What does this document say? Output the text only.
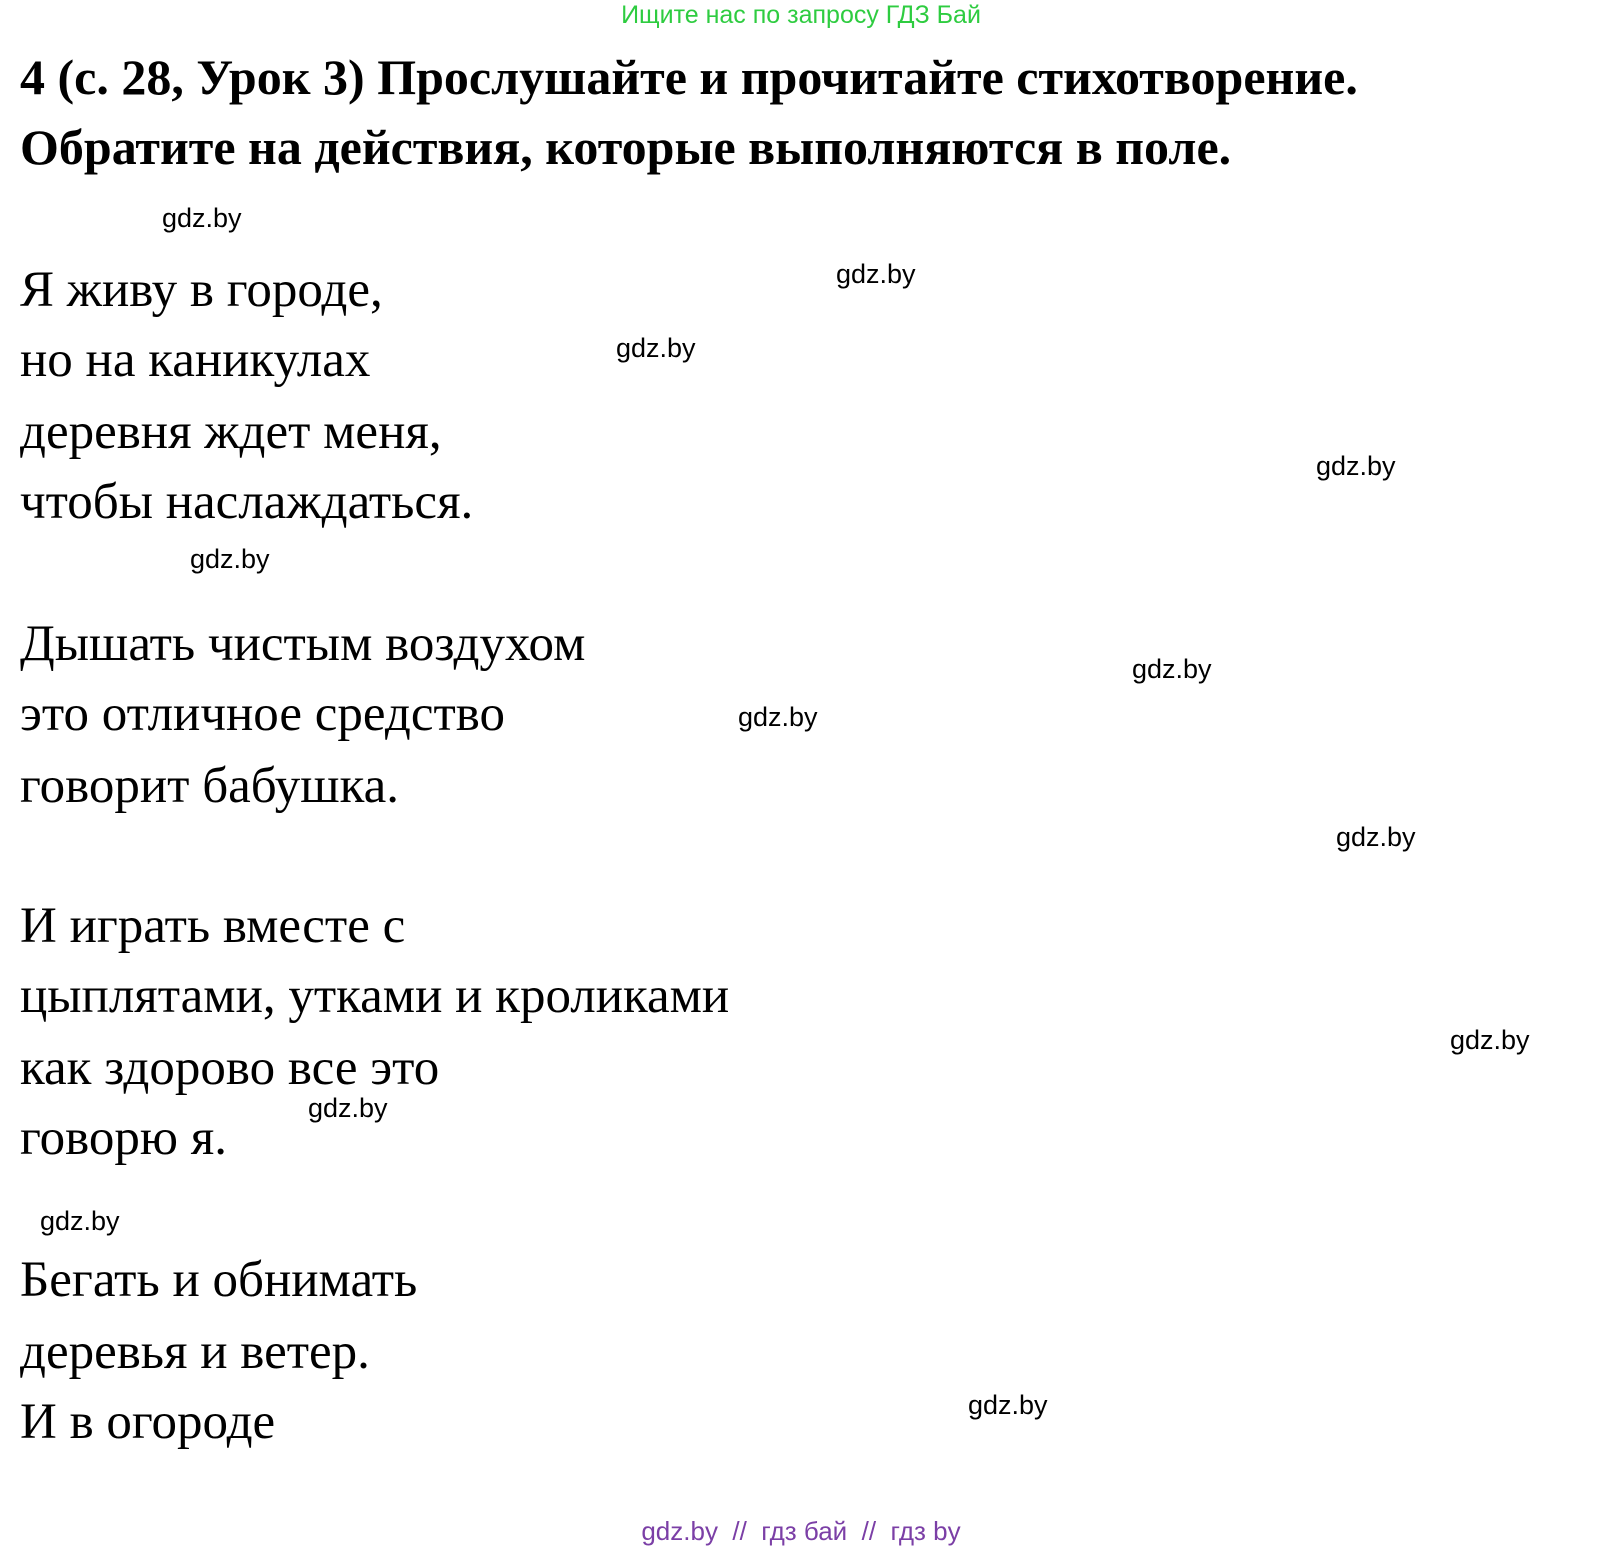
Ищите нас по запросу ГДЗ Бай
4 (с. 28, Урок 3) Прослушайте и прочитайте стихотворение.
Обратите на действия, которые выполняются в поле.
Я живу в городе,
но на каникулах
деревня ждет меня,
чтобы наслаждаться.
Дышать чистым воздухом
это отличное средство
говорит бабушка.
И играть вместе с
цыплятами, утками и кроликами
как здорово все это
говорю я.
Бегать и обнимать
деревья и ветер.
И в огороде
gdz.by
gdz.by
gdz.by
gdz.by
gdz.by
gdz.by
gdz.by
gdz.by
gdz.by
gdz.by
gdz.by
gdz.by
gdz.by  //  гдз бай  //  гдз by
